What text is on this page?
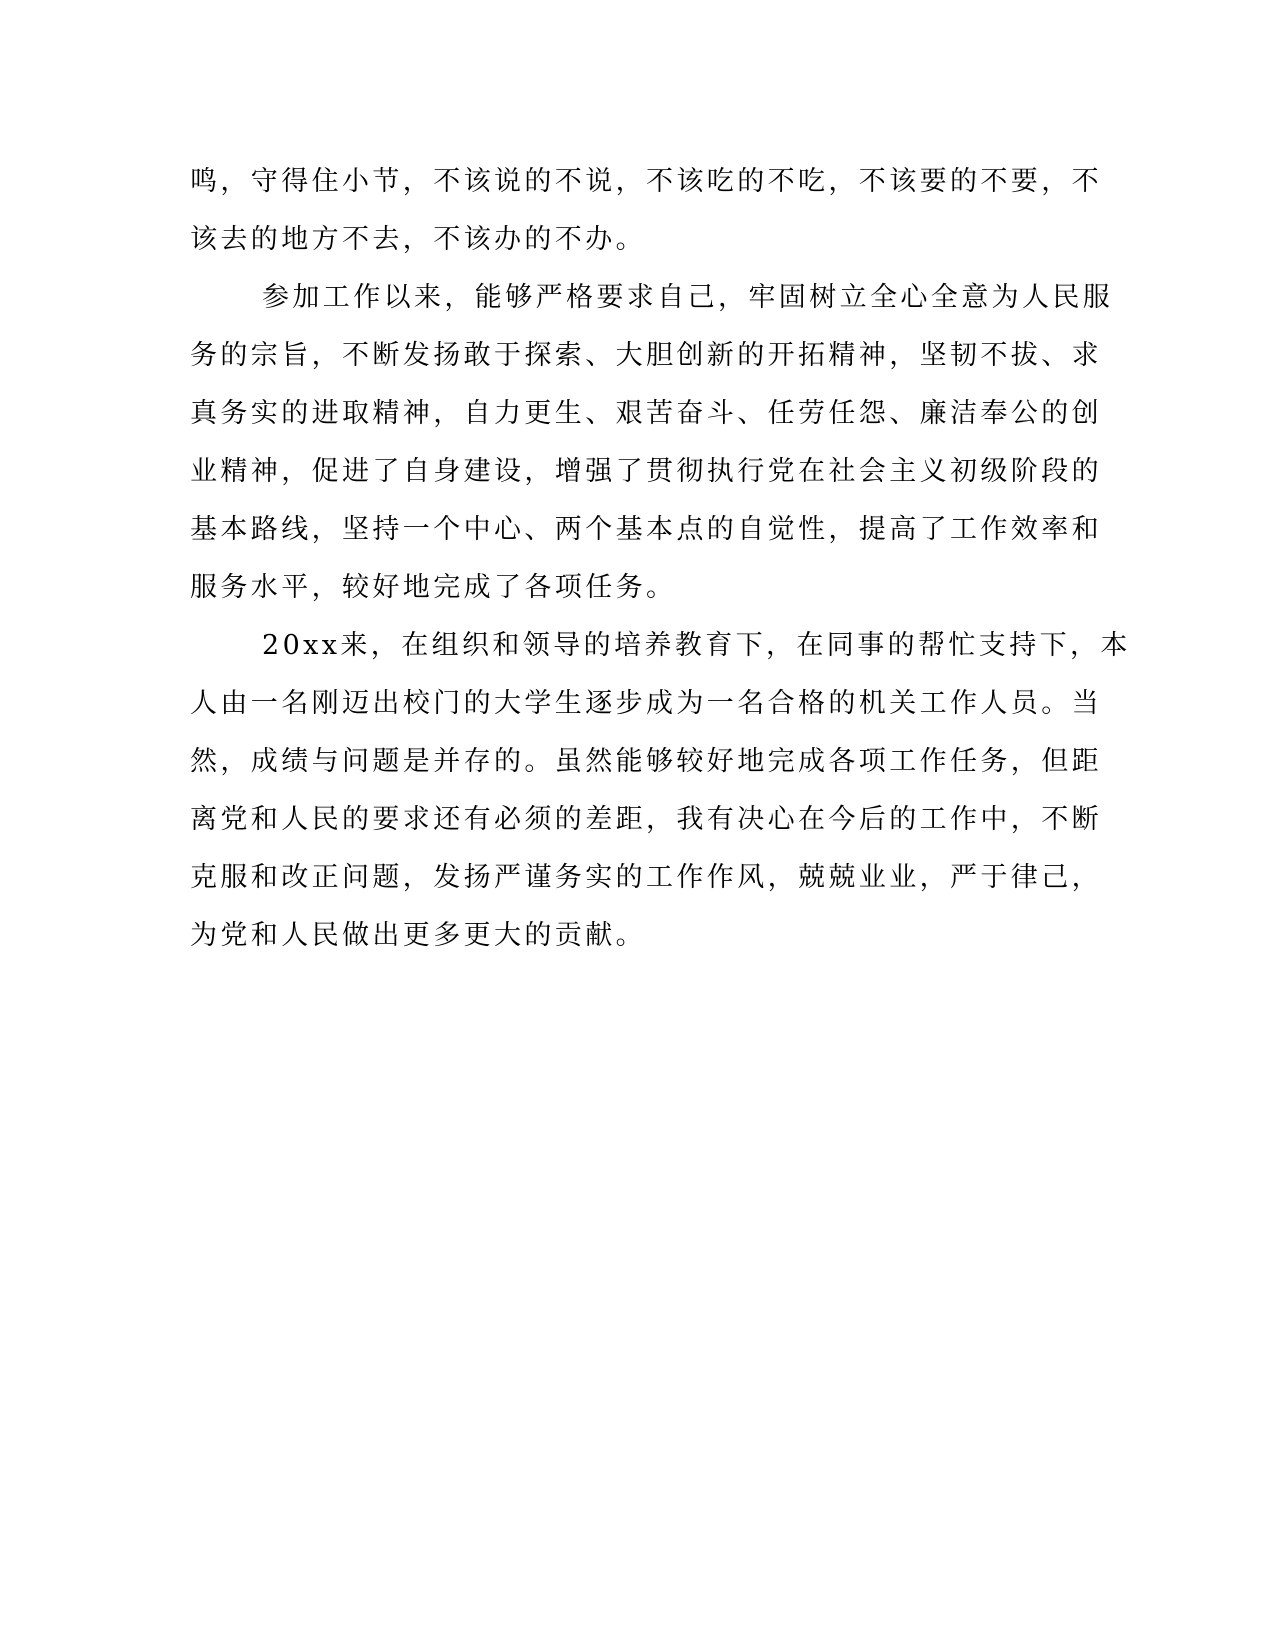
鸣，守得住小节，不该说的不说，不该吃的不吃，不该要的不要，不
该去的地方不去，不该办的不办。
参加工作以来，能够严格要求自己，牢固树立全心全意为人民服
务的宗旨，不断发扬敢于探索、大胆创新的开拓精神，坚韧不拔、求
真务实的进取精神，自力更生、艰苦奋斗、任劳任怨、廉洁奉公的创
业精神，促进了自身建设，增强了贯彻执行党在社会主义初级阶段的
基本路线，坚持一个中心、两个基本点的自觉性，提高了工作效率和
服务水平，较好地完成了各项任务。
20xx来，在组织和领导的培养教育下，在同事的帮忙支持下，本
人由一名刚迈出校门的大学生逐步成为一名合格的机关工作人员。当
然，成绩与问题是并存的。虽然能够较好地完成各项工作任务，但距
离党和人民的要求还有必须的差距，我有决心在今后的工作中，不断
克服和改正问题，发扬严谨务实的工作作风，兢兢业业，严于律己，
为党和人民做出更多更大的贡献。
